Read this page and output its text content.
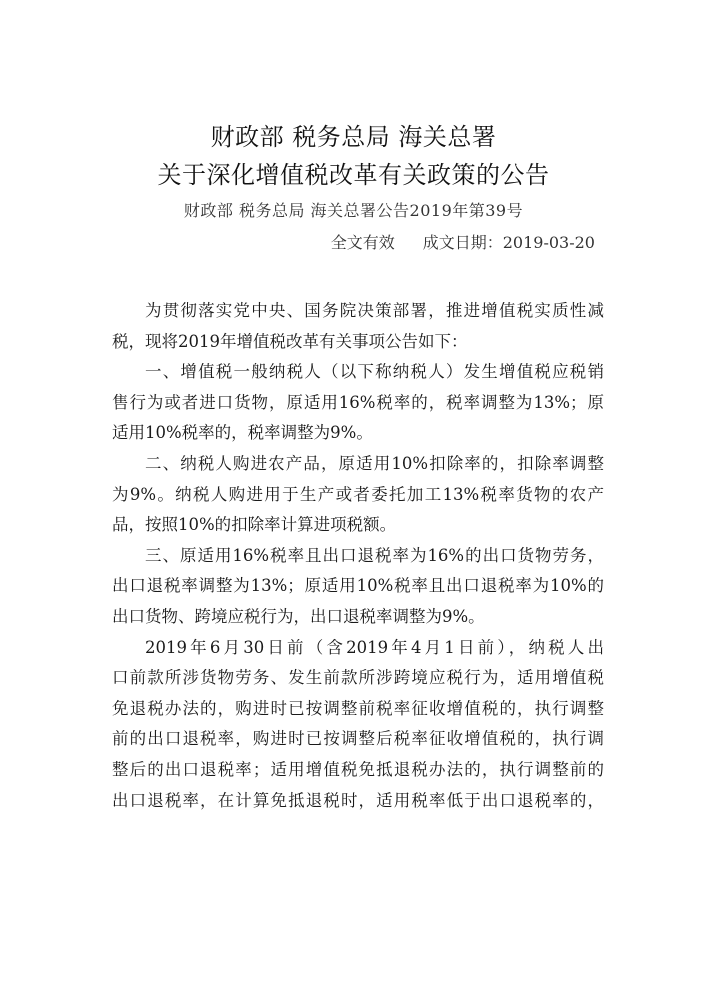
财政部 税务总局 海关总署
关于深化增值税改革有关政策的公告
财政部 税务总局 海关总署公告2019年第39号
全文有效 成文日期：2019-03-20
为贯彻落实党中央、国务院决策部署，推进增值税实质性减
税，现将2019年增值税改革有关事项公告如下：
一、增值税一般纳税人（以下称纳税人）发生增值税应税销
售行为或者进口货物，原适用16%税率的，税率调整为13%；原
适用10%税率的，税率调整为9%。
二、纳税人购进农产品，原适用10%扣除率的，扣除率调整
为9%。纳税人购进用于生产或者委托加工13%税率货物的农产
品，按照10%的扣除率计算进项税额。
三、原适用16%税率且出口退税率为16%的出口货物劳务，
出口退税率调整为13%；原适用10%税率且出口退税率为10%的
出口货物、跨境应税行为，出口退税率调整为9%。
2019年6月30日前（含2019年4月1日前），纳税人出
口前款所涉货物劳务、发生前款所涉跨境应税行为，适用增值税
免退税办法的，购进时已按调整前税率征收增值税的，执行调整
前的出口退税率，购进时已按调整后税率征收增值税的，执行调
整后的出口退税率；适用增值税免抵退税办法的，执行调整前的
出口退税率，在计算免抵退税时，适用税率低于出口退税率的，
